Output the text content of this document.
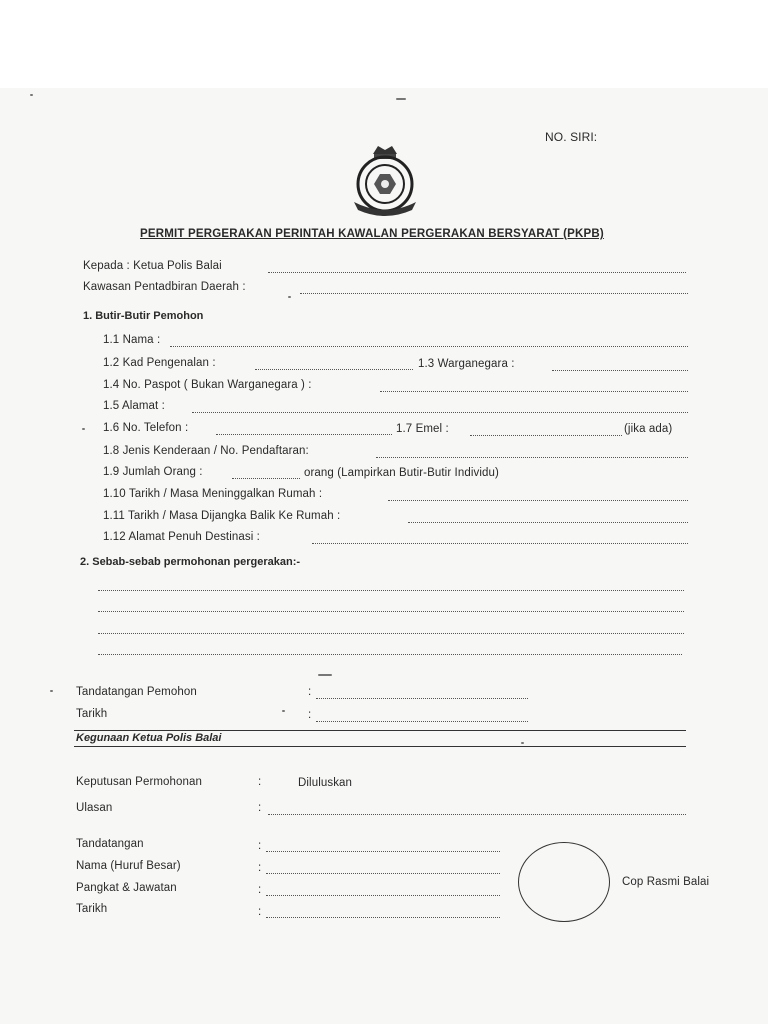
NO. SIRI:
PERMIT PERGERAKAN PERINTAH KAWALAN PERGERAKAN BERSYARAT (PKPB)
Kepada : Ketua Polis Balai
Kawasan Pentadbiran Daerah :
1. Butir-Butir Pemohon
1.1 Nama :
1.2 Kad Pengenalan :	1.3 Warganegara :
1.4 No. Paspot ( Bukan Warganegara ) :
1.5 Alamat :
1.6 No. Telefon :	1.7 Emel :	(jika ada)
1.8 Jenis Kenderaan / No. Pendaftaran:
1.9 Jumlah Orang :	orang (Lampirkan Butir-Butir Individu)
1.10 Tarikh / Masa Meninggalkan Rumah :
1.11 Tarikh / Masa Dijangka Balik Ke Rumah :
1.12 Alamat Penuh Destinasi :
2. Sebab-sebab permohonan pergerakan:-
Tandatangan Pemohon	:
Tarikh	:
Kegunaan Ketua Polis Balai
Keputusan Permohonan	:	Diluluskan
Ulasan	:
Tandatangan	:
Nama (Huruf Besar)	:
Pangkat & Jawatan	:
Tarikh	:
Cop Rasmi Balai
